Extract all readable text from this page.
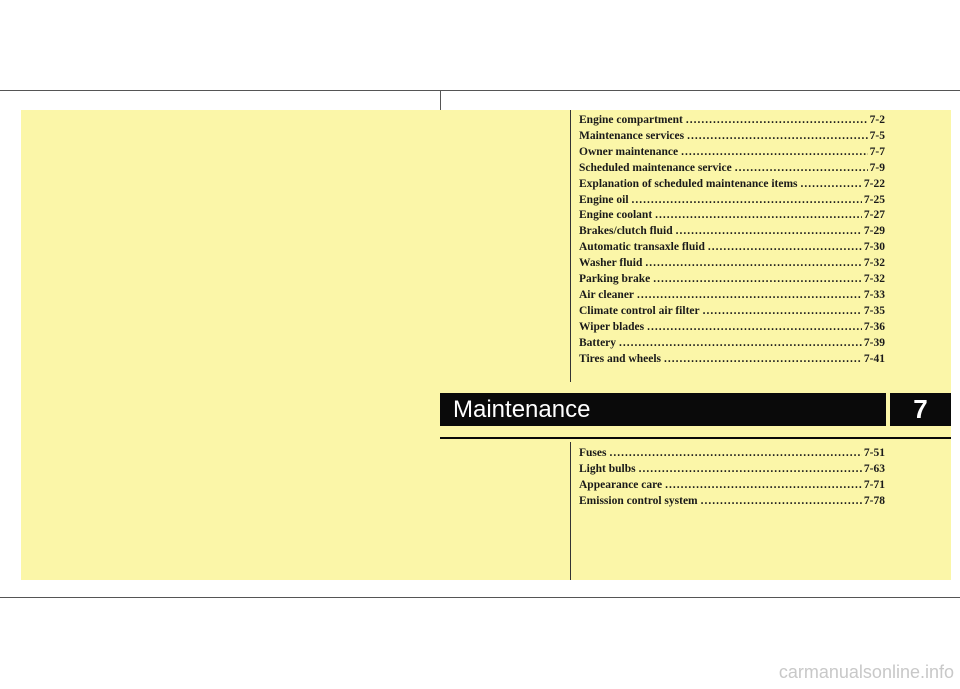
Engine compartment .....	7-2
Maintenance services .....	7-5
Owner maintenance .....	7-7
Scheduled maintenance service .....	7-9
Explanation of scheduled maintenance items .....	7-22
Engine oil .....	7-25
Engine coolant .....	7-27
Brakes/clutch fluid .....	7-29
Automatic transaxle fluid .....	7-30
Washer fluid .....	7-32
Parking brake .....	7-32
Air cleaner .....	7-33
Climate control air filter .....	7-35
Wiper blades .....	7-36
Battery .....	7-39
Tires and wheels .....	7-41
Maintenance	7
Fuses .....	7-51
Light bulbs .....	7-63
Appearance care .....	7-71
Emission control system .....	7-78
carmanualsonline.info
